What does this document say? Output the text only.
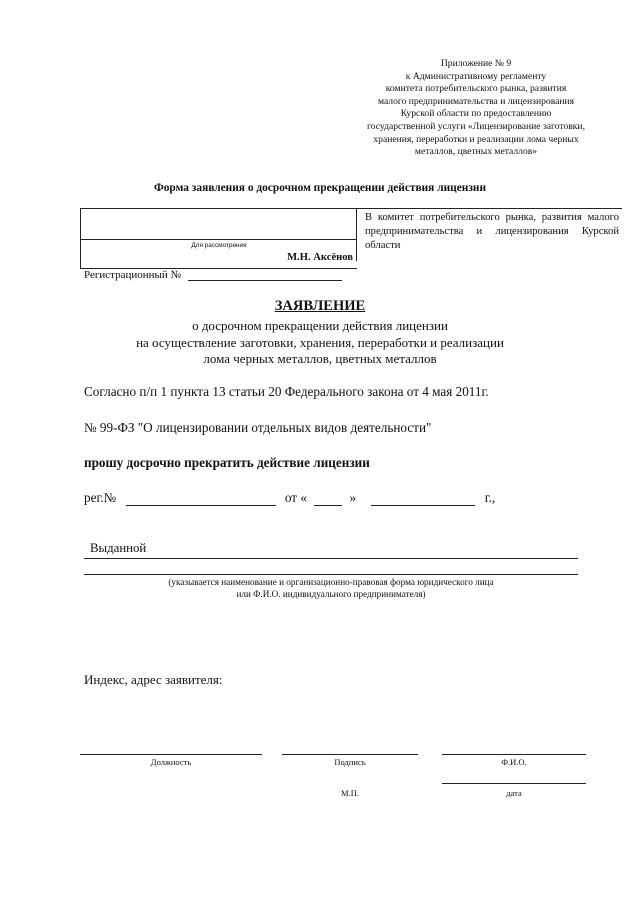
Приложение № 9
к Административному регламенту
комитета потребительского рынка, развития
малого предпринимательства и лицензирования
Курской области по предоставлению
государственной услуги «Лицензирование заготовки,
хранения, переработки и реализации лома черных
металлов, цветных металлов»
Форма заявления о досрочном прекращении действия лицензии
Для рассмотрения
М.Н. Аксёнов
В комитет потребительского рынка, развития малого предпринимательства и лицензирования Курской области
Регистрационный №
ЗАЯВЛЕНИЕ
о досрочном прекращении действия лицензии
на осуществление заготовки, хранения, переработки и реализации
лома черных металлов, цветных металлов
Согласно п/п 1 пункта 13 статьи 20 Федерального закона от 4 мая 2011г.
№ 99-ФЗ "О лицензировании отдельных видов деятельности"
прошу досрочно прекратить действие лицензии
рег.№	от «	»	г.,
Выданной
(указывается наименование и организационно-правовая форма юридического лица
или Ф.И.О. индивидуального предпринимателя)
Индекс, адрес заявителя:
Должность	Подпись	Ф.И.О.
М.П.	дата
